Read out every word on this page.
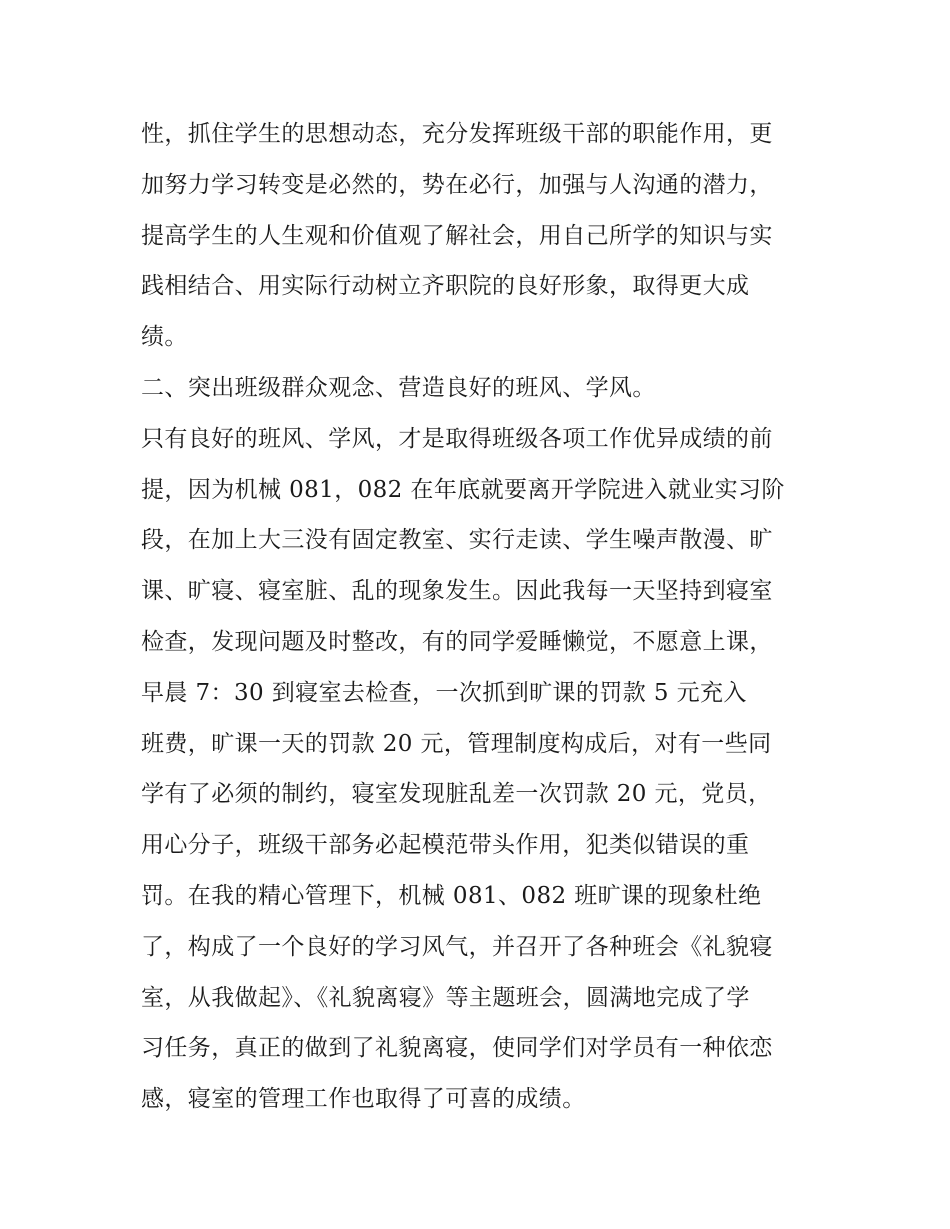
性，抓住学生的思想动态，充分发挥班级干部的职能作用，更
加努力学习转变是必然的，势在必行，加强与人沟通的潜力，
提高学生的人生观和价值观了解社会，用自己所学的知识与实
践相结合、用实际行动树立齐职院的良好形象，取得更大成
绩。
二、突出班级群众观念、营造良好的班风、学风。
只有良好的班风、学风，才是取得班级各项工作优异成绩的前
提，因为机械 081，082 在年底就要离开学院进入就业实习阶
段，在加上大三没有固定教室、实行走读、学生噪声散漫、旷
课、旷寝、寝室脏、乱的现象发生。因此我每一天坚持到寝室
检查，发现问题及时整改，有的同学爱睡懒觉，不愿意上课，
早晨 7：30 到寝室去检查，一次抓到旷课的罚款 5 元充入
班费，旷课一天的罚款 20 元，管理制度构成后，对有一些同
学有了必须的制约，寝室发现脏乱差一次罚款 20 元，党员，
用心分子，班级干部务必起模范带头作用，犯类似错误的重
罚。在我的精心管理下，机械 081、082 班旷课的现象杜绝
了，构成了一个良好的学习风气，并召开了各种班会《礼貌寝
室，从我做起》、《礼貌离寝》等主题班会，圆满地完成了学
习任务，真正的做到了礼貌离寝，使同学们对学员有一种依恋
感，寝室的管理工作也取得了可喜的成绩。
